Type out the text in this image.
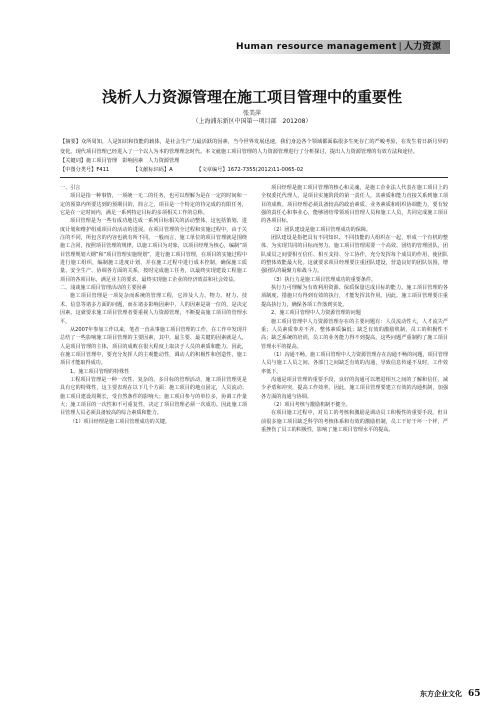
Human resource management | 人力资源
浅析人力资源管理在施工项目管理中的重要性
张美萍
（上海浦东新区中国第一项目部　201208）
【摘要】众所周知，人是知识和技能的载体，是社会生产力最活跃的因素，当今世界发展迅速，我们身边各个领域都面临很多生死存亡的严峻考验，在发生着日新月异的变化。现代项目管理已经进入了一个以人为本的管理理念时代。本文就施工项目管理的人力资源管理进行了分析探讨，提出人力资源管理的有效方法和途径。
【关键词】施工项目管理　影响因素　人力资源管理
【中图分类号】F411	【文献标识码】A	【文章编号】1672-7355(2012)11-0065-02

一、引言

项目是指一种事情，一项统一无二的任务，也可以理解为是在一定的时间和一定的预算内所要达到的预期目的，简言之，项目是一个特定的待完成的有限任务，它是在一定时间内，满足一系列特定目标的多项相关工作的总称。

项目管理是为一些有成功地达成一系列目标相关的活动整体，这包括策划、进度计划和维护组成项目的活动的进展。在项目管理的全过程和实施过程中，由于关注的不同，所包含的内容也就有所不同。一般而言，施工单位的项目管理就是围绕施工合同，按照项目管理的规律，以施工项目为对象，以项目经理为核心，编制“项目管理规划大纲”和“项目管理实施规划”，进行施工项目管理，在项目的实施过程中进行施工组织，编制施工进度计划，并在施工过程中进行成本控制，确保施工质量、安全生产、协调各方面的关系，按时完成施工任务，以最终实现建设工程施工项目的各项目标，满足业主的要求，最终实现施工企业的经济效益和社会效益。

二、浅谈施工项目管理活动的主要因素

施工项目管理是一项复杂而系统的管理工程，它涉及人力、物力、财力、技术、信息等诸多方面的问题，而在诸多影响因素中，人的因素是第一位的，是决定因素。这就要求施工项目管理者要重视人力资源管理，不断提高施工项目的管理水平。

从2007年参加工作以来，笔者一直从事施工项目管理的工作，在工作中发现并总结了一些影响施工项目管理的主要因素，其中，最主要、最关键的因素就是人，人是项目管理的主体，项目的成败在很大程度上取决于人员的素质和能力。因此，在施工项目管理中，要充分发挥人的主观能动性，调动人的积极性和创造性，施工项目才能取得成功。

1、施工项目管理的特殊性

工程项目管理是一种一次性、复杂的、多目标的管理活动，施工项目管理更是具有它的特殊性，这主要表现在以下几个方面：施工项目的地点固定，人员流动；施工项目建设周期长，受自然条件的影响大；施工项目参与的单位多，协调工作量大；施工项目的一次性和不可重复性，决定了项目管理必须一次成功。因此施工项目管理人员必须具备较高的综合素质和能力。

（1）项目经理是施工项目管理成功的关键。

项目经理是施工项目管理的核心和灵魂，是施工企业法人代表在施工项目上的全权委托代理人，是项目实施阶段的第一责任人，其素质和能力直接关系到施工项目的成败。项目经理必须具备较高的政治素质、业务素质和组织协调能力，要有较强的责任心和事业心，能够团结带领项目管理人员和施工人员，共同完成施工项目的各项目标。

（2）团队建设是施工项目管理成功的保障。

团队建设是指把具有不同知识、不同技能的人组织在一起，形成一个有机的整体，为实现共同的目标而努力。施工项目管理需要一个高效、团结的管理团队，团队成员之间要相互信任、相互支持、分工协作，充分发挥每个成员的作用，使团队的整体效能最大化。这就要求项目经理要注重团队建设，营造良好的团队氛围，增强团队的凝聚力和战斗力。

（3）执行力是施工项目管理成功的重要条件。

执行力可理解为有效利用资源、保质保量达成目标的能力。施工项目管理的各项制度、措施只有得到有效的执行，才能发挥其作用。因此，施工项目管理要注重提高执行力，确保各项工作落到实处。

2、施工项目管理中人力资源管理的问题

施工项目管理中人力资源管理存在的主要问题有：人员流动性大，人才流失严重；人员素质参差不齐，整体素质偏低；缺乏有效的激励机制，员工的积极性不高；缺乏系统的培训，员工的业务能力得不到提高。这些问题严重制约了施工项目管理水平的提高。

（1）沟通不畅。施工项目管理中人力资源管理存在沟通不畅的问题，项目管理人员与施工人员之间、各部门之间缺乏有效的沟通，导致信息传递不及时，工作效率低下。

沟通是项目管理的重要手段，良好的沟通可以增进相互之间的了解和信任，减少矛盾和冲突，提高工作效率。因此，施工项目管理要建立有效的沟通机制，加强各方面的沟通与协调。

（2）项目考核与激励机制不健全。

在项目施工过程中，对员工的考核和激励是调动员工积极性的重要手段。但目前很多施工项目缺乏科学的考核体系和有效的激励机制，员工干好干坏一个样，严重挫伤了员工的积极性，影响了施工项目管理水平的提高。

东方企业文化 65
